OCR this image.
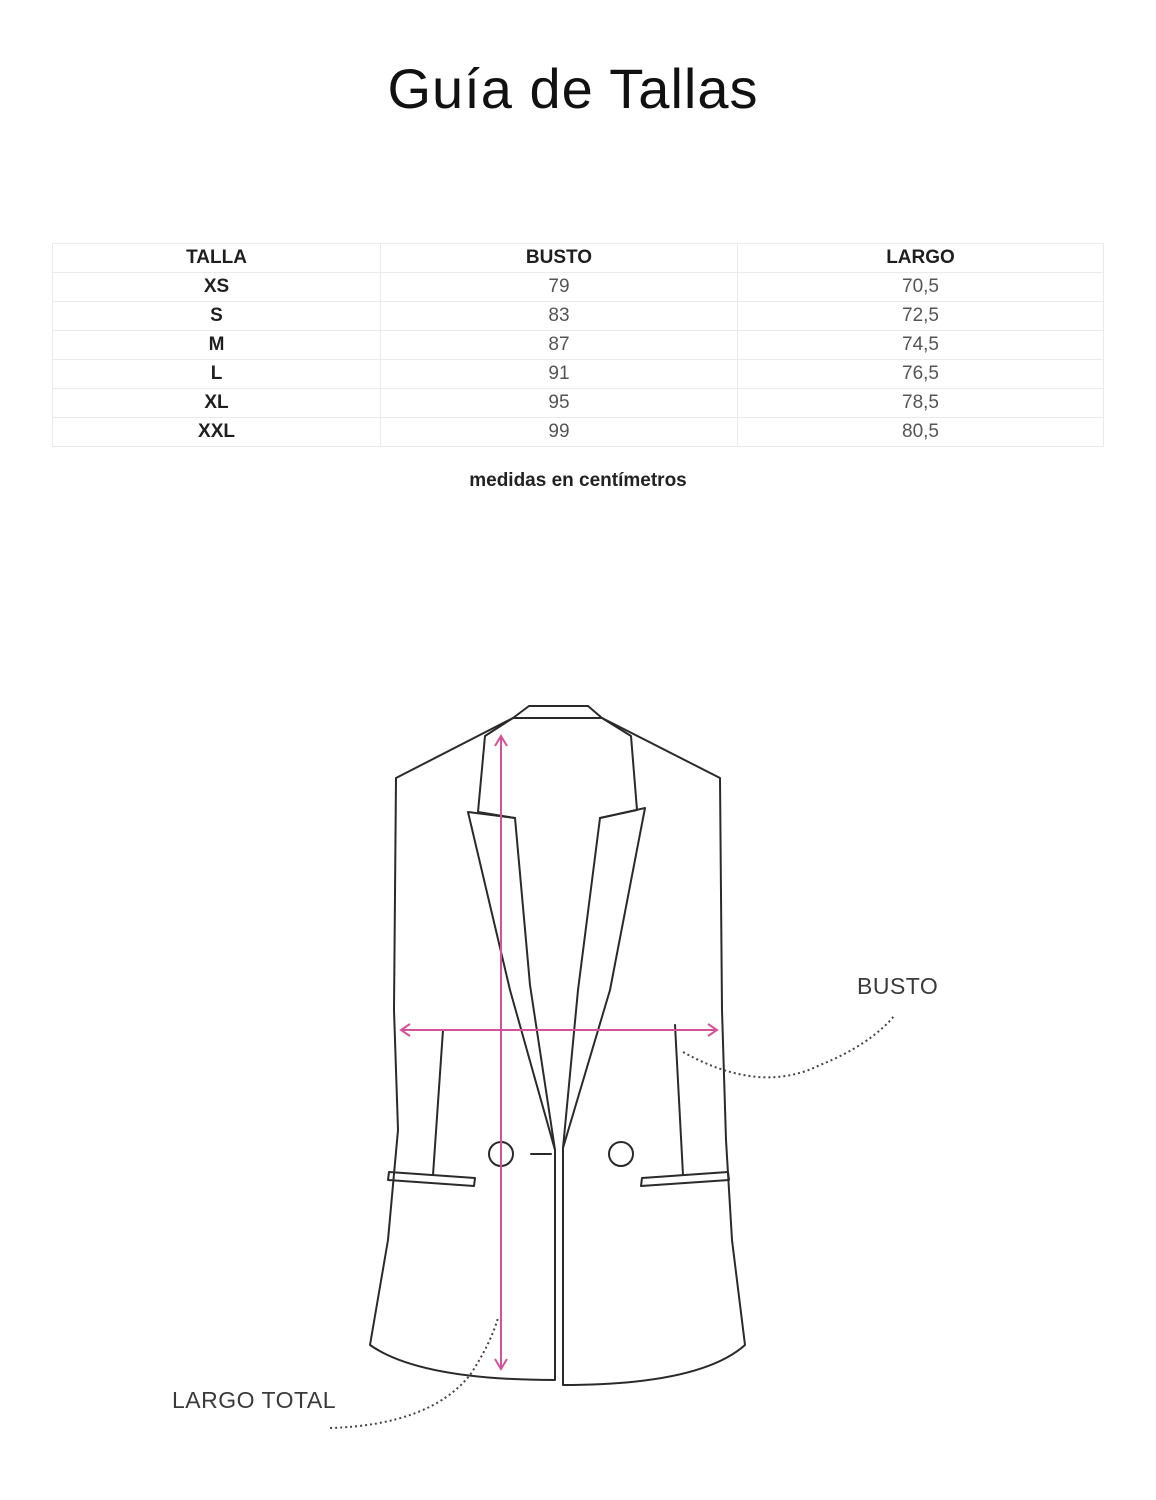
Guía de Tallas
TALLA	BUSTO	LARGO
XS	79	70,5
S	83	72,5
M	87	74,5
L	91	76,5
XL	95	78,5
XXL	99	80,5
medidas en centímetros
BUSTO
LARGO TOTAL
